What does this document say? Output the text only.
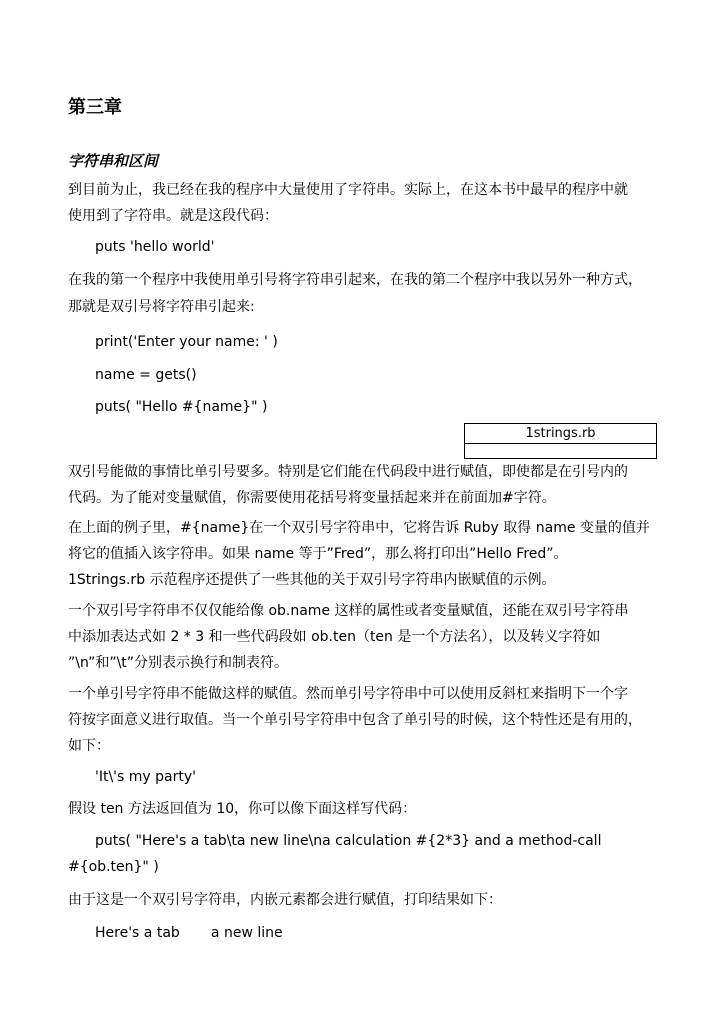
第三章
字符串和区间
到目前为止，我已经在我的程序中大量使用了字符串。实际上，在这本书中最早的程序中就
使用到了字符串。就是这段代码：
puts 'hello world'
在我的第一个程序中我使用单引号将字符串引起来，在我的第二个程序中我以另外一种方式，
那就是双引号将字符串引起来:
print('Enter your name: ' )
name = gets()
puts( "Hello #{name}" )
1strings.rb
双引号能做的事情比单引号要多。特别是它们能在代码段中进行赋值，即使都是在引号内的
代码。为了能对变量赋值，你需要使用花括号将变量括起来并在前面加#字符。
在上面的例子里，#{name}在一个双引号字符串中，它将告诉 Ruby 取得 name 变量的值并
将它的值插入该字符串。如果 name 等于”Fred”，那么将打印出”Hello Fred”。
1Strings.rb 示范程序还提供了一些其他的关于双引号字符串内嵌赋值的示例。
一个双引号字符串不仅仅能给像 ob.name 这样的属性或者变量赋值，还能在双引号字符串
中添加表达式如 2 * 3 和一些代码段如 ob.ten（ten 是一个方法名），以及转义字符如
”\n”和”\t”分别表示换行和制表符。
一个单引号字符串不能做这样的赋值。然而单引号字符串中可以使用反斜杠来指明下一个字
符按字面意义进行取值。当一个单引号字符串中包含了单引号的时候，这个特性还是有用的，
如下：
'It\'s my party'
假设 ten 方法返回值为 10，你可以像下面这样写代码：
puts( "Here's a tab\ta new line\na calculation #{2*3} and a method-call
#{ob.ten}" )
由于这是一个双引号字符串，内嵌元素都会进行赋值，打印结果如下：
Here's a tab       a new line
